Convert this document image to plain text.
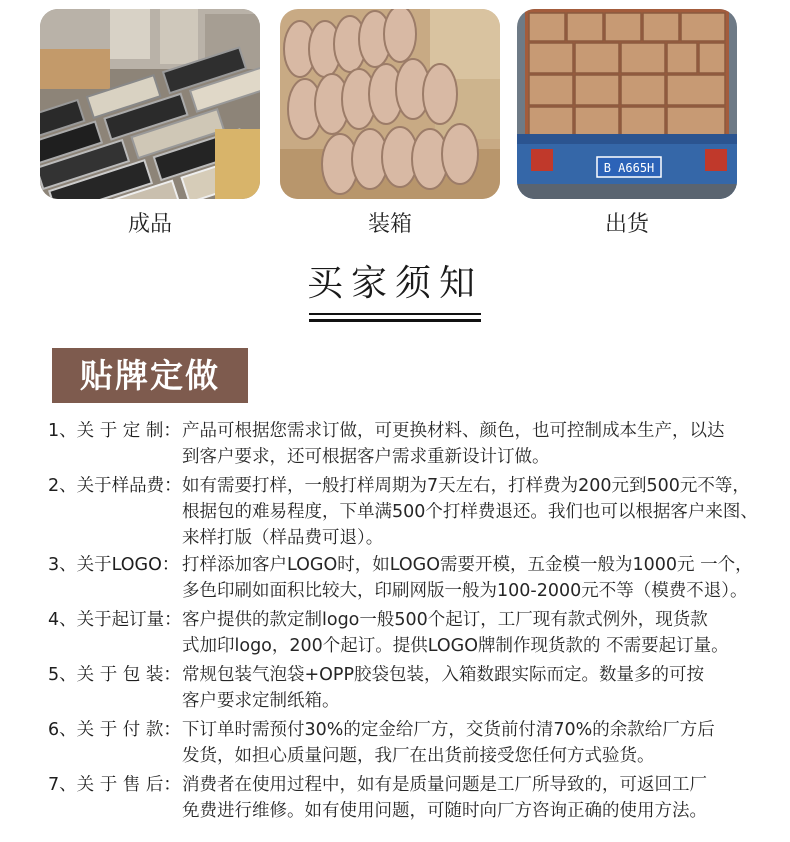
成品	装箱
B A665H
出货
买家须知
贴牌定做
1、关 于 定 制： 产品可根据您需求订做，可更换材料、颜色，也可控制成本生产，以达
到客户要求，还可根据客户需求重新设计订做。
2、关于样品费： 如有需要打样，一般打样周期为7天左右，打样费为200元到500元不等，
根据包的难易程度，下单满500个打样费退还。我们也可以根据客户来图、
来样打版（样品费可退）。
3、关于LOGO： 打样添加客户LOGO时，如LOGO需要开模，五金模一般为1000元 一个，
多色印刷如面积比较大，印刷网版一般为100-2000元不等（模费不退）。
4、关于起订量： 客户提供的款定制logo一般500个起订，工厂现有款式例外，现货款
式加印logo，200个起订。提供LOGO牌制作现货款的 不需要起订量。
5、关 于 包 装： 常规包装气泡袋+OPP胶袋包装，入箱数跟实际而定。数量多的可按
客户要求定制纸箱。
6、关 于 付 款： 下订单时需预付30%的定金给厂方，交货前付清70%的余款给厂方后
发货，如担心质量问题，我厂在出货前接受您任何方式验货。
7、关 于 售 后： 消费者在使用过程中，如有是质量问题是工厂所导致的，可返回工厂
免费进行维修。如有使用问题，可随时向厂方咨询正确的使用方法。
